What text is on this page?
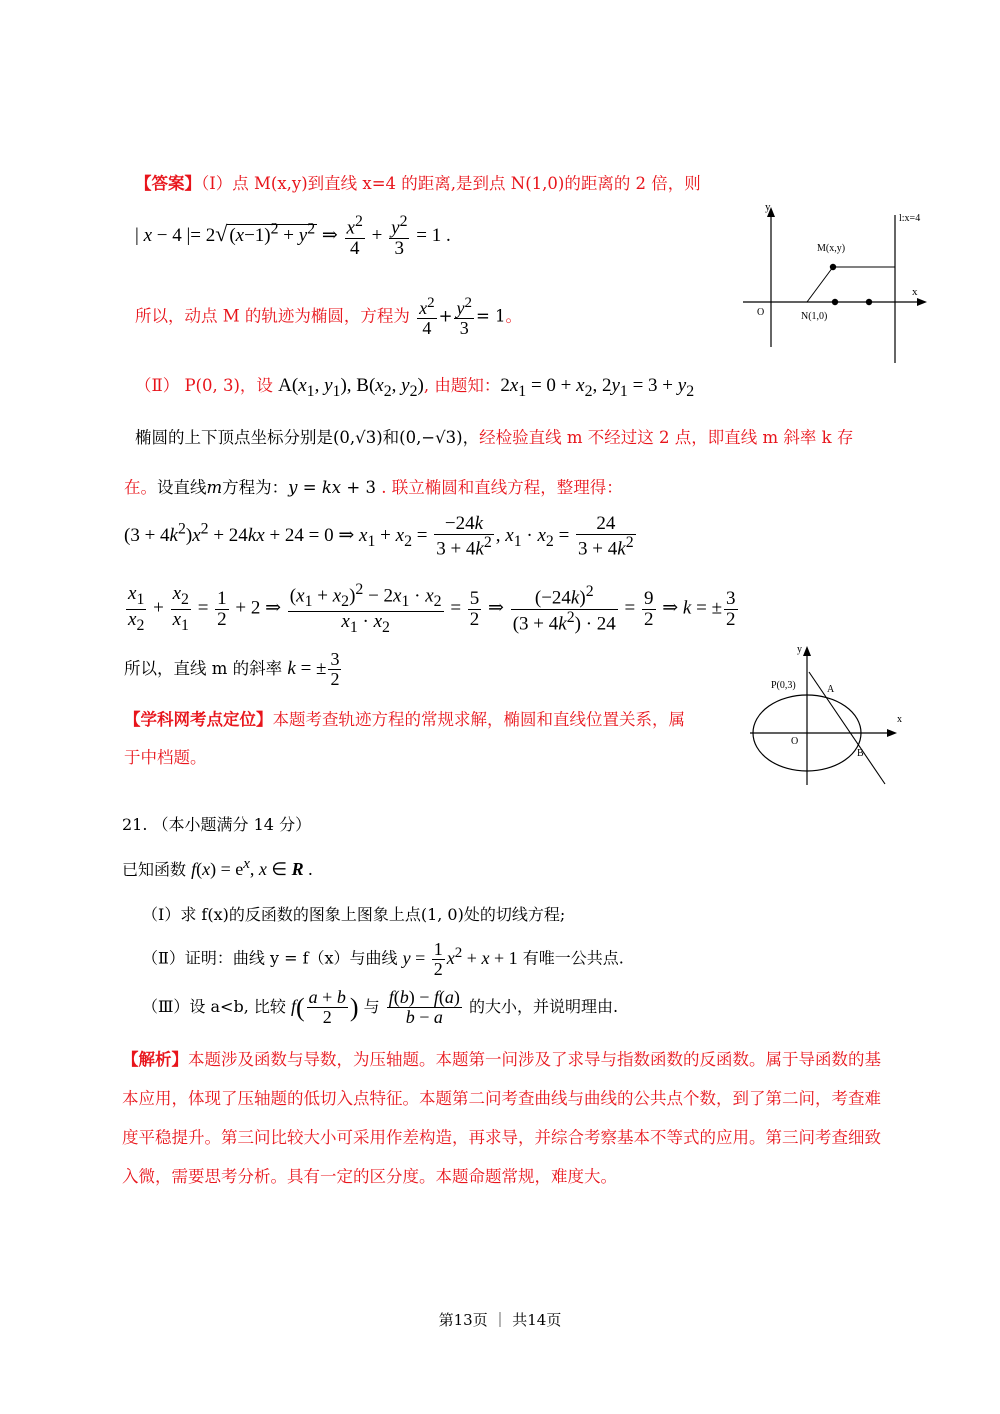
【答案】（Ⅰ）点 M(x,y)到直线 x=4 的距离,是到点 N(1,0)的距离的 2 倍，则
| x − 4 |= 2√ $(x-1)^2 + y^2$ ⇒ $\frac{x^2}{4} + \frac{y^2}{3} = 1$ .
所以，动点 M 的轨迹为椭圆，方程为 $\frac{x^2}{4} + \frac{y^2}{3} = 1$。
（Ⅱ） P(0, 3)，设 $A(x_1$, $y_1$), $B(x_2$, $y_2$), 由题知：$2x_1 = 0 + x_2$, $2y_1 = 3 + y_2$
椭圆的上下顶点坐标分别是(0,√3)和(0,−√3)，经检验直线 m 不经过这 2 点，即直线 m 斜率 k 存
在。设直线m方程为：y = kx + 3 . 联立椭圆和直线方程，整理得：
$(3 + 4k^2)x^2 + 24kx + 24 = 0$ ⇒ $x_1 + x_2 = \frac{-24k}{3 + 4k^2}$ , $x_1 \cdot x_2 = \frac{24}{3 + 4k^2}$
$\frac{x_1}{x_2} + \frac{x_2}{x_1} = \frac{1}{2} + 2$ ⇒ $\frac{(x_1 + x_2)^2 - 2x_1 \cdot x_2}{x_1 \cdot x_2} = \frac{5}{2}$ ⇒ $\frac{(-24k)^2}{(3 + 4k^2) \cdot 24} = \frac{9}{2}$ ⇒ k = ± $\frac{3}{2}$
所以，直线 m 的斜率 k = ± $\frac{3}{2}$
【学科网考点定位】本题考查轨迹方程的常规求解，椭圆和直线位置关系，属
于中档题。
y
x
O
M(x,y)
N(1,0)
l:x=4
y
x
O
P(0,3)	A
B
21. （本小题满分 14 分）
已知函数 $f(x) = e^x$, x ∈ R .
（Ⅰ）求 f(x)的反函数的图象上图象上点(1, 0)处的切线方程;
（Ⅱ）证明：曲线 y = f（x）与曲线 $y = \frac{1}{2} x^2 + x + 1$ 有唯一公共点.
（Ⅲ）设 a<b, 比较 $f( \frac{a + b}{2}$ ) 与 $\frac{f(b) - f(a)}{b - a}$ 的大小，并说明理由.
【解析】本题涉及函数与导数，为压轴题。本题第一问涉及了求导与指数函数的反函数。属于导函数的基本应用，体现了压轴题的低切入点特征。本题第二问考查曲线与曲线的公共点个数，到了第二问，考查难度平稳提升。第三问比较大小可采用作差构造，再求导，并综合考察基本不等式的应用。第三问考查细致入微，需要思考分析。具有一定的区分度。本题命题常规，难度大。
第13页 ｜ 共14页
